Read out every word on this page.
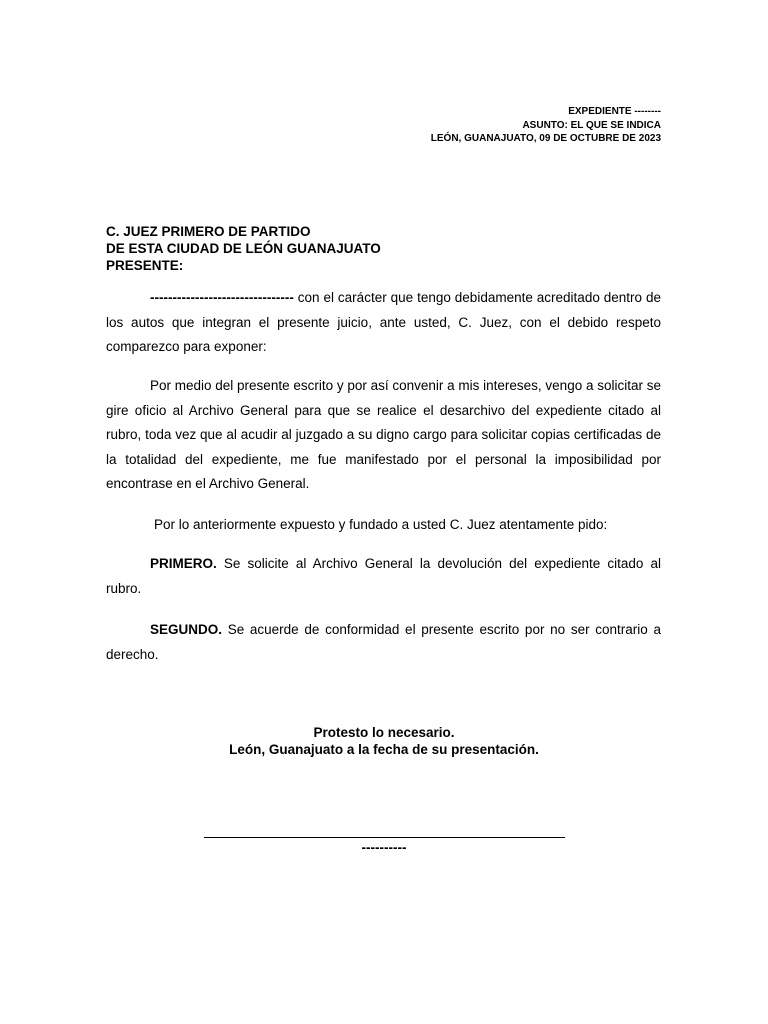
EXPEDIENTE --------
ASUNTO: EL QUE SE INDICA
LEÓN, GUANAJUATO, 09 DE OCTUBRE DE 2023
C. JUEZ PRIMERO DE PARTIDO
DE ESTA CIUDAD DE LEÓN GUANAJUATO
PRESENTE:
-------------------------------- con el carácter que tengo debidamente acreditado dentro de los autos que integran el presente juicio, ante usted, C. Juez, con el debido respeto comparezco para exponer:
Por medio del presente escrito y por así convenir a mis intereses, vengo a solicitar se gire oficio al Archivo General para que se realice el desarchivo del expediente citado al rubro, toda vez que al acudir al juzgado a su digno cargo para solicitar copias certificadas de la totalidad del expediente, me fue manifestado por el personal la imposibilidad por encontrase en el Archivo General.
Por lo anteriormente expuesto y fundado a usted C. Juez atentamente pido:
PRIMERO. Se solicite al Archivo General la devolución del expediente citado al rubro.
SEGUNDO. Se acuerde de conformidad el presente escrito por no ser contrario a derecho.
Protesto lo necesario.
León, Guanajuato a la fecha de su presentación.
----------
